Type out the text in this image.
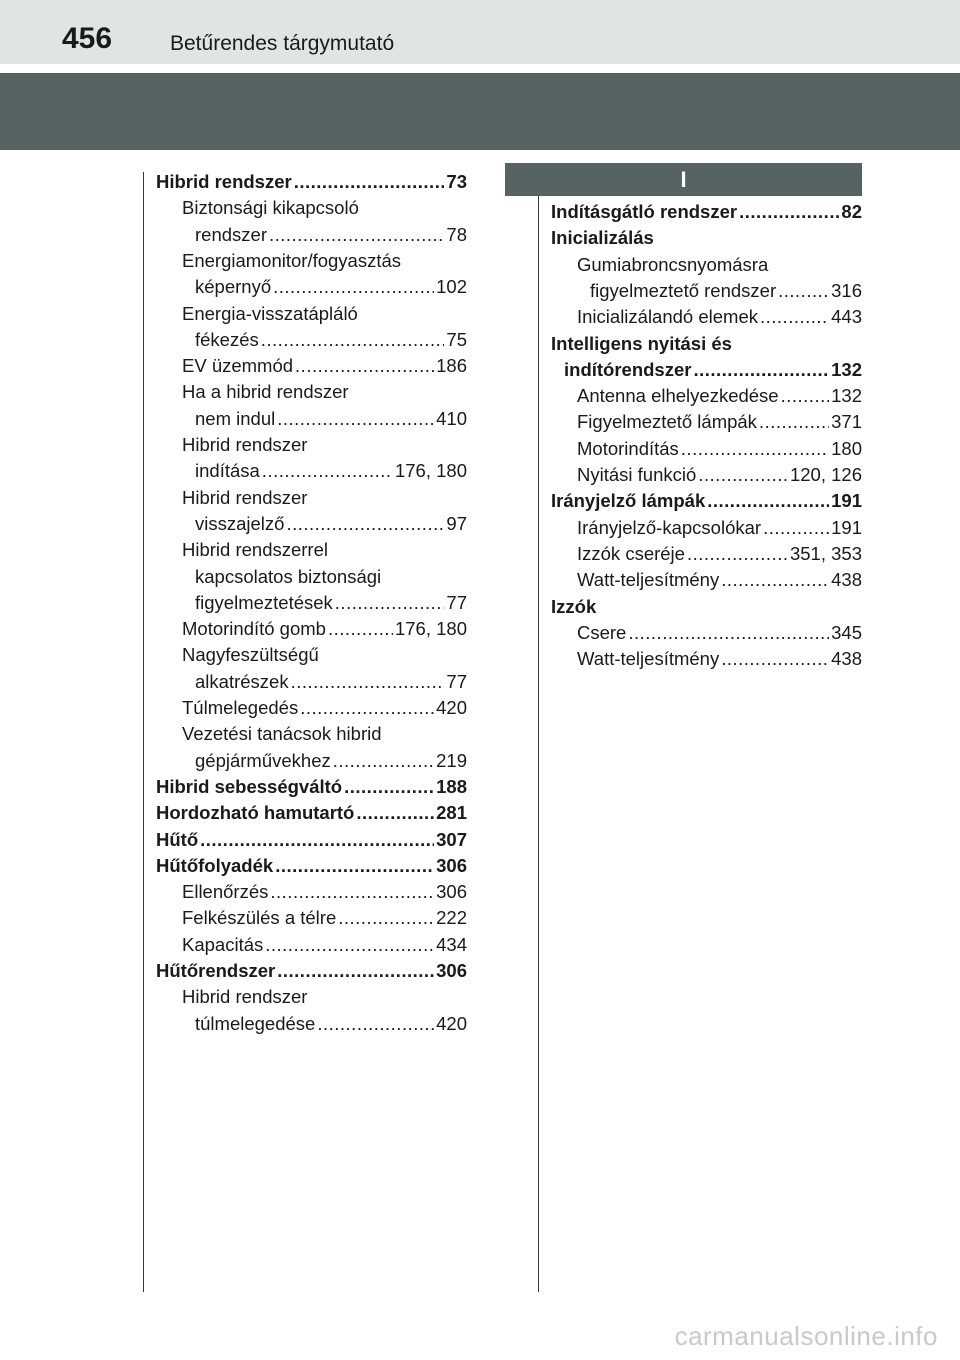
456	Betűrendes tárgymutató
I
Hibrid rendszer .....	73
Biztonsági kikapcsoló
rendszer .....	78
Energiamonitor/fogyasztás
képernyő .....	102
Energia-visszatápláló
fékezés .....	75
EV üzemmód .....	186
Ha a hibrid rendszer
nem indul .....	410
Hibrid rendszer
indítása .....	176, 180
Hibrid rendszer
visszajelző .....	97
Hibrid rendszerrel
kapcsolatos biztonsági
figyelmeztetések .....	77
Motorindító gomb .....	176, 180
Nagyfeszültségű
alkatrészek .....	77
Túlmelegedés .....	420
Vezetési tanácsok hibrid
gépjárművekhez .....	219
Hibrid sebességváltó .....	188
Hordozható hamutartó .....	281
Hűtő .....	307
Hűtőfolyadék .....	306
Ellenőrzés .....	306
Felkészülés a télre .....	222
Kapacitás .....	434
Hűtőrendszer .....	306
Hibrid rendszer
túlmelegedése .....	420
Indításgátló rendszer .....	82
Inicializálás
Gumiabroncsnyomásra
figyelmeztető rendszer .....	316
Inicializálandó elemek .....	443
Intelligens nyitási és
indítórendszer .....	132
Antenna elhelyezkedése .....	132
Figyelmeztető lámpák .....	371
Motorindítás .....	180
Nyitási funkció .....	120, 126
Irányjelző lámpák .....	191
Irányjelző-kapcsolókar .....	191
Izzók cseréje .....	351, 353
Watt-teljesítmény .....	438
Izzók
Csere .....	345
Watt-teljesítmény .....	438
carmanualsonline.info
